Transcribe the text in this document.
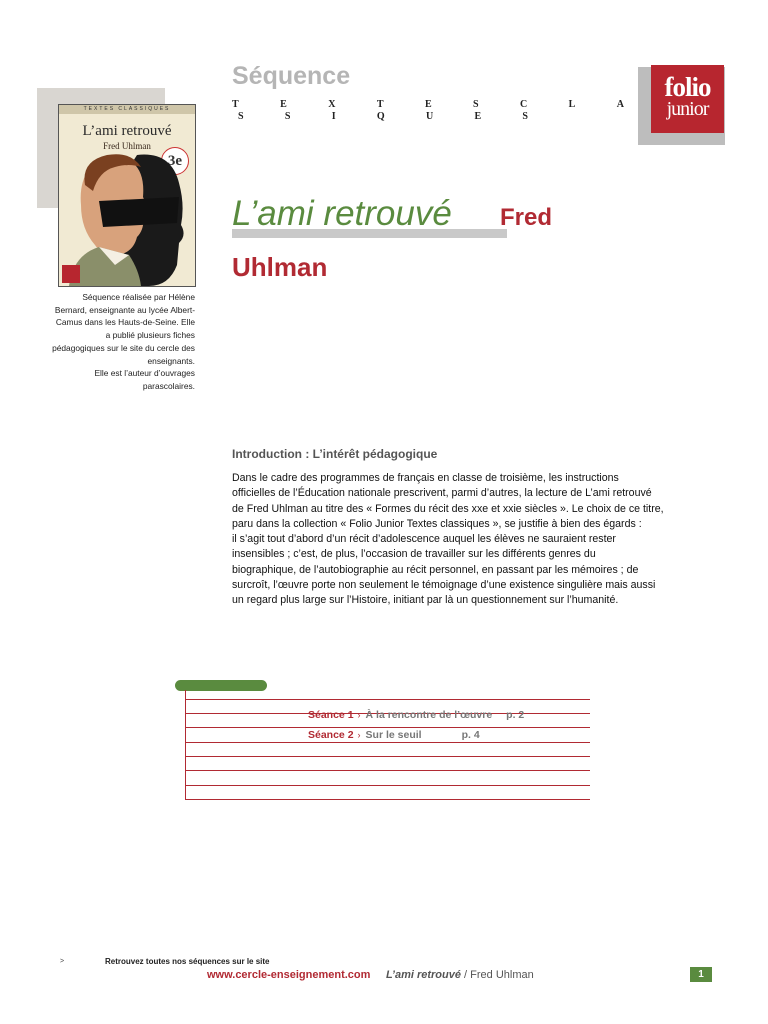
Séquence
T	E	X	T	E	S	C	L	A
S	S	I	Q	U	E	S
folio
junior
TEXTES CLASSIQUES
L’ami retrouvé
Fred Uhlman
3e
L’ami retrouvé Fred
Uhlman

Séquence réalisée par Hélène Bernard, enseignante au lycée Albert-Camus dans les Hauts-de-Seine. Elle a publié plusieurs fiches pédagogiques sur le site du cercle des enseignants.

Elle est l’auteur d’ouvrages parascolaires.

Introduction : L’intérêt pédagogique

Dans le cadre des programmes de français en classe de troisième, les instructions

officielles de l’Éducation nationale prescrivent, parmi d’autres, la lecture de L’ami retrouvé

de Fred Uhlman au titre des « Formes du récit des xxe et xxie siècles ». Le choix de ce titre,

paru dans la collection « Folio Junior Textes classiques », se justifie à bien des égards :

il s’agit tout d’abord d’un récit d’adolescence auquel les élèves ne sauraient rester

insensibles ; c’est, de plus, l’occasion de travailler sur les différents genres du

biographique, de l’autobiographie au récit personnel, en passant par les mémoires ; de

surcroît, l’œuvre porte non seulement le témoignage d’une existence singulière mais aussi

un regard plus large sur l’Histoire, initiant par là un questionnement sur l’humanité.

Séance 1 › À la rencontre de l’œuvre p. 2
Séance 2 › Sur le seuil	p. 4
>	Retrouvez toutes nos séquences sur le site
www.cercle-enseignement.com L’ami retrouvé / Fred Uhlman	1
